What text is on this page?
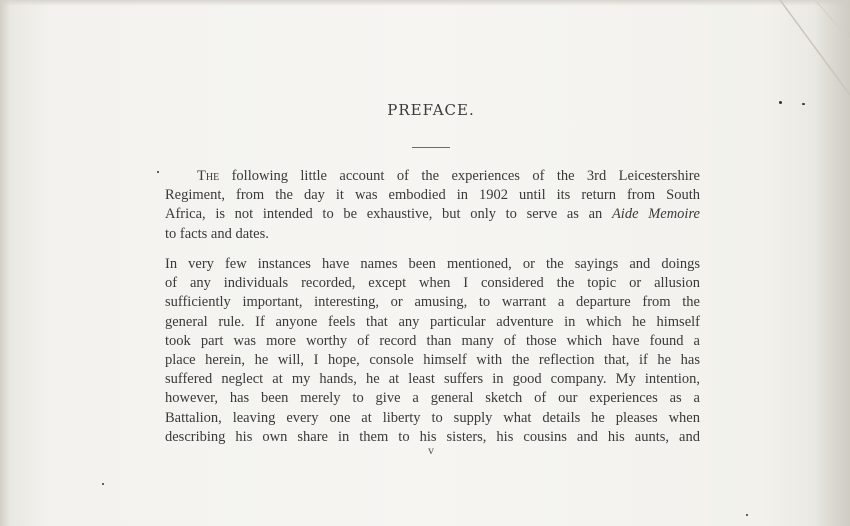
PREFACE.
The following little account of the experiences of the 3rd Leicestershire
Regiment, from the day it was embodied in 1902 until its return from South
Africa, is not intended to be exhaustive, but only to serve as an Aide Memoire
to facts and dates.
In very few instances have names been mentioned, or the sayings and doings
of any individuals recorded, except when I considered the topic or allusion
sufficiently important, interesting, or amusing, to warrant a departure from the
general rule. If anyone feels that any particular adventure in which he himself
took part was more worthy of record than many of those which have found a
place herein, he will, I hope, console himself with the reflection that, if he has
suffered neglect at my hands, he at least suffers in good company. My intention,
however, has been merely to give a general sketch of our experiences as a
Battalion, leaving every one at liberty to supply what details he pleases when
describing his own share in them to his sisters, his cousins and his aunts, and
v
